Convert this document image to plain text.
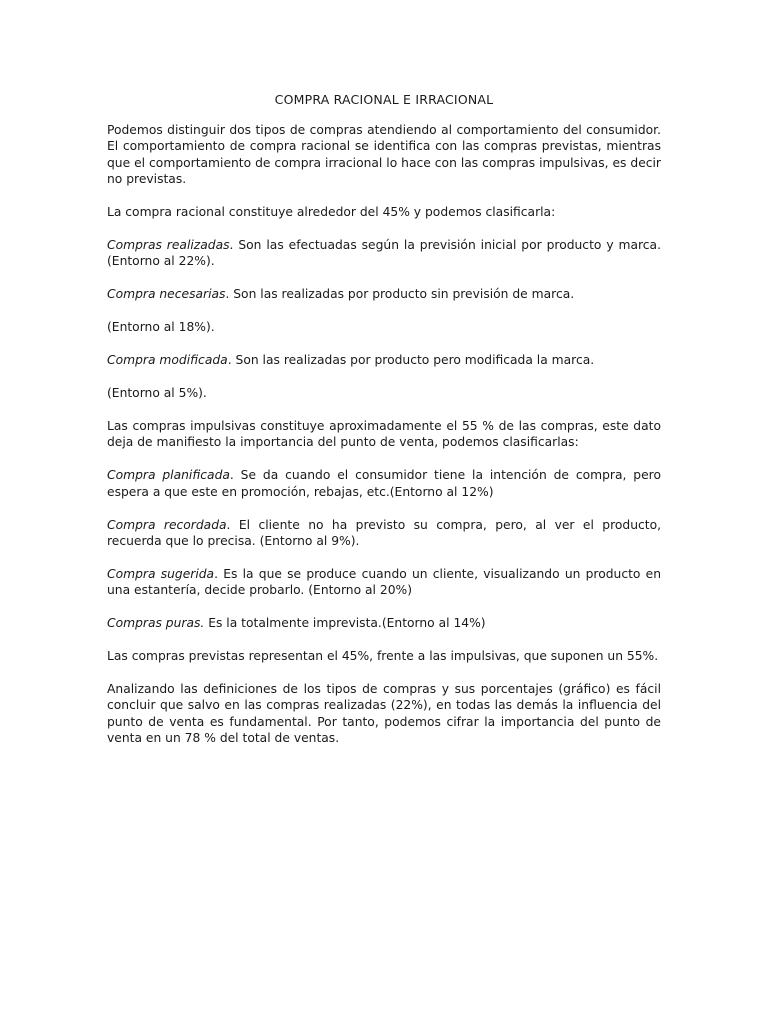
COMPRA RACIONAL E IRRACIONAL

Podemos distinguir dos tipos de compras atendiendo al comportamiento del consumidor. El comportamiento de compra racional se identifica con las compras previstas, mientras que el comportamiento de compra irracional lo hace con las compras impulsivas, es decir no previstas.

La compra racional constituye alrededor del 45% y podemos clasificarla:

Compras realizadas. Son las efectuadas según la previsión inicial por producto y marca.(Entorno al 22%).

Compra necesarias. Son las realizadas por producto sin previsión de marca.

(Entorno al 18%).

Compra modificada. Son las realizadas por producto pero modificada la marca.

(Entorno al 5%).

Las compras impulsivas constituye aproximadamente el 55 % de las compras, este dato deja de manifiesto la importancia del punto de venta, podemos clasificarlas:

Compra planificada. Se da cuando el consumidor tiene la intención de compra, pero espera a que este en promoción, rebajas, etc.(Entorno al 12%)

Compra recordada. El cliente no ha previsto su compra, pero, al ver el producto, recuerda que lo precisa. (Entorno al 9%).

Compra sugerida. Es la que se produce cuando un cliente, visualizando un producto en una estantería, decide probarlo. (Entorno al 20%)

Compras puras. Es la totalmente imprevista.(Entorno al 14%)

Las compras previstas representan el 45%, frente a las impulsivas, que suponen un 55%.

Analizando las definiciones de los tipos de compras y sus porcentajes (gráfico) es fácil concluir que salvo en las compras realizadas (22%), en todas las demás la influencia del punto de venta es fundamental. Por tanto, podemos cifrar la importancia del punto de venta en un 78 % del total de ventas.
